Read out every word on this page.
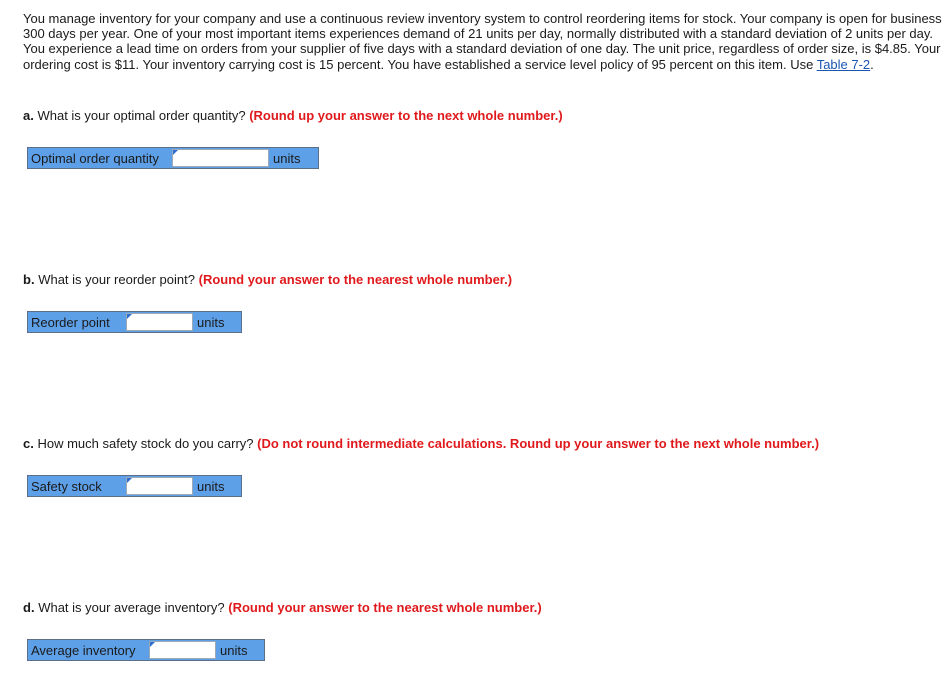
You manage inventory for your company and use a continuous review inventory system to control reordering items for stock. Your company is open for business 300 days per year. One of your most important items experiences demand of 21 units per day, normally distributed with a standard deviation of 2 units per day. You experience a lead time on orders from your supplier of five days with a standard deviation of one day. The unit price, regardless of order size, is $4.85. Your ordering cost is $11. Your inventory carrying cost is 15 percent. You have established a service level policy of 95 percent on this item. Use Table 7-2.
a. What is your optimal order quantity? (Round up your answer to the next whole number.)
Optimal order quantity	units
b. What is your reorder point? (Round your answer to the nearest whole number.)
Reorder point	units
c. How much safety stock do you carry? (Do not round intermediate calculations. Round up your answer to the next whole number.)
Safety stock	units
d. What is your average inventory? (Round your answer to the nearest whole number.)
Average inventory	units
